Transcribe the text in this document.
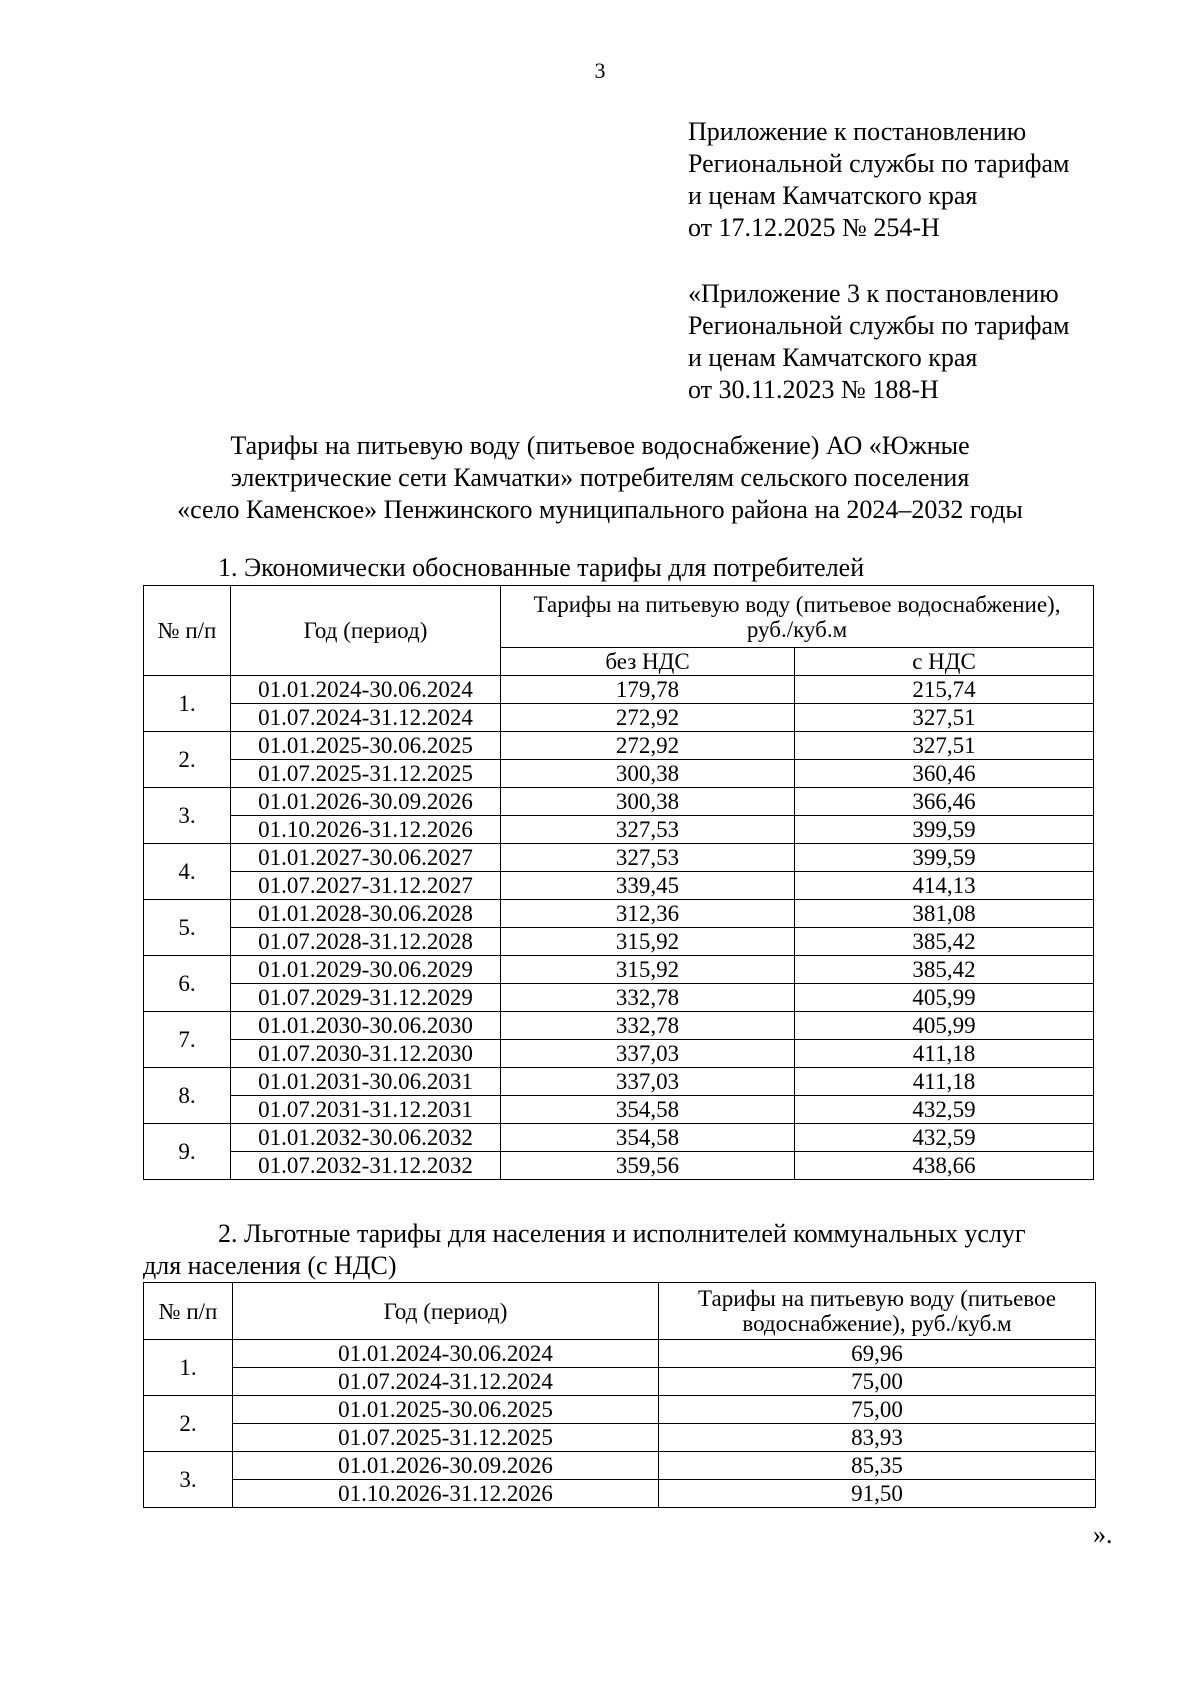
3
Приложение к постановлению
Региональной службы по тарифам
и ценам Камчатского края
от 17.12.2025 № 254-Н
«Приложение 3 к постановлению
Региональной службы по тарифам
и ценам Камчатского края
от 30.11.2023 № 188-Н
Тарифы на питьевую воду (питьевое водоснабжение) АО «Южные
электрические сети Камчатки» потребителям сельского поселения
«село Каменское» Пенжинского муниципального района на 2024–2032 годы
1. Экономически обоснованные тарифы для потребителей
№ п/п	Год (период)	Тарифы на питьевую воду (питьевое водоснабжение),
руб./куб.м	

		без НДС	с НДС
1.	01.01.2024-30.06.2024	179,78	215,74
	01.07.2024-31.12.2024	272,92	327,51
2.	01.01.2025-30.06.2025	272,92	327,51
	01.07.2025-31.12.2025	300,38	360,46
3.	01.01.2026-30.09.2026	300,38	366,46
	01.10.2026-31.12.2026	327,53	399,59
4.	01.01.2027-30.06.2027	327,53	399,59
	01.07.2027-31.12.2027	339,45	414,13
5.	01.01.2028-30.06.2028	312,36	381,08
	01.07.2028-31.12.2028	315,92	385,42
6.	01.01.2029-30.06.2029	315,92	385,42
	01.07.2029-31.12.2029	332,78	405,99
7.	01.01.2030-30.06.2030	332,78	405,99
	01.07.2030-31.12.2030	337,03	411,18
8.	01.01.2031-30.06.2031	337,03	411,18
	01.07.2031-31.12.2031	354,58	432,59
9.	01.01.2032-30.06.2032	354,58	432,59
	01.07.2032-31.12.2032	359,56	438,66
2. Льготные тарифы для населения и исполнителей коммунальных услуг
для населения (с НДС)
№ п/п	Год (период)	Тарифы на питьевую воду (питьевое
водоснабжение), руб./куб.м

1.	01.01.2024-30.06.2024	69,96
	01.07.2024-31.12.2024	75,00
2.	01.01.2025-30.06.2025	75,00
	01.07.2025-31.12.2025	83,93
3.	01.01.2026-30.09.2026	85,35
	01.10.2026-31.12.2026	91,50
».
